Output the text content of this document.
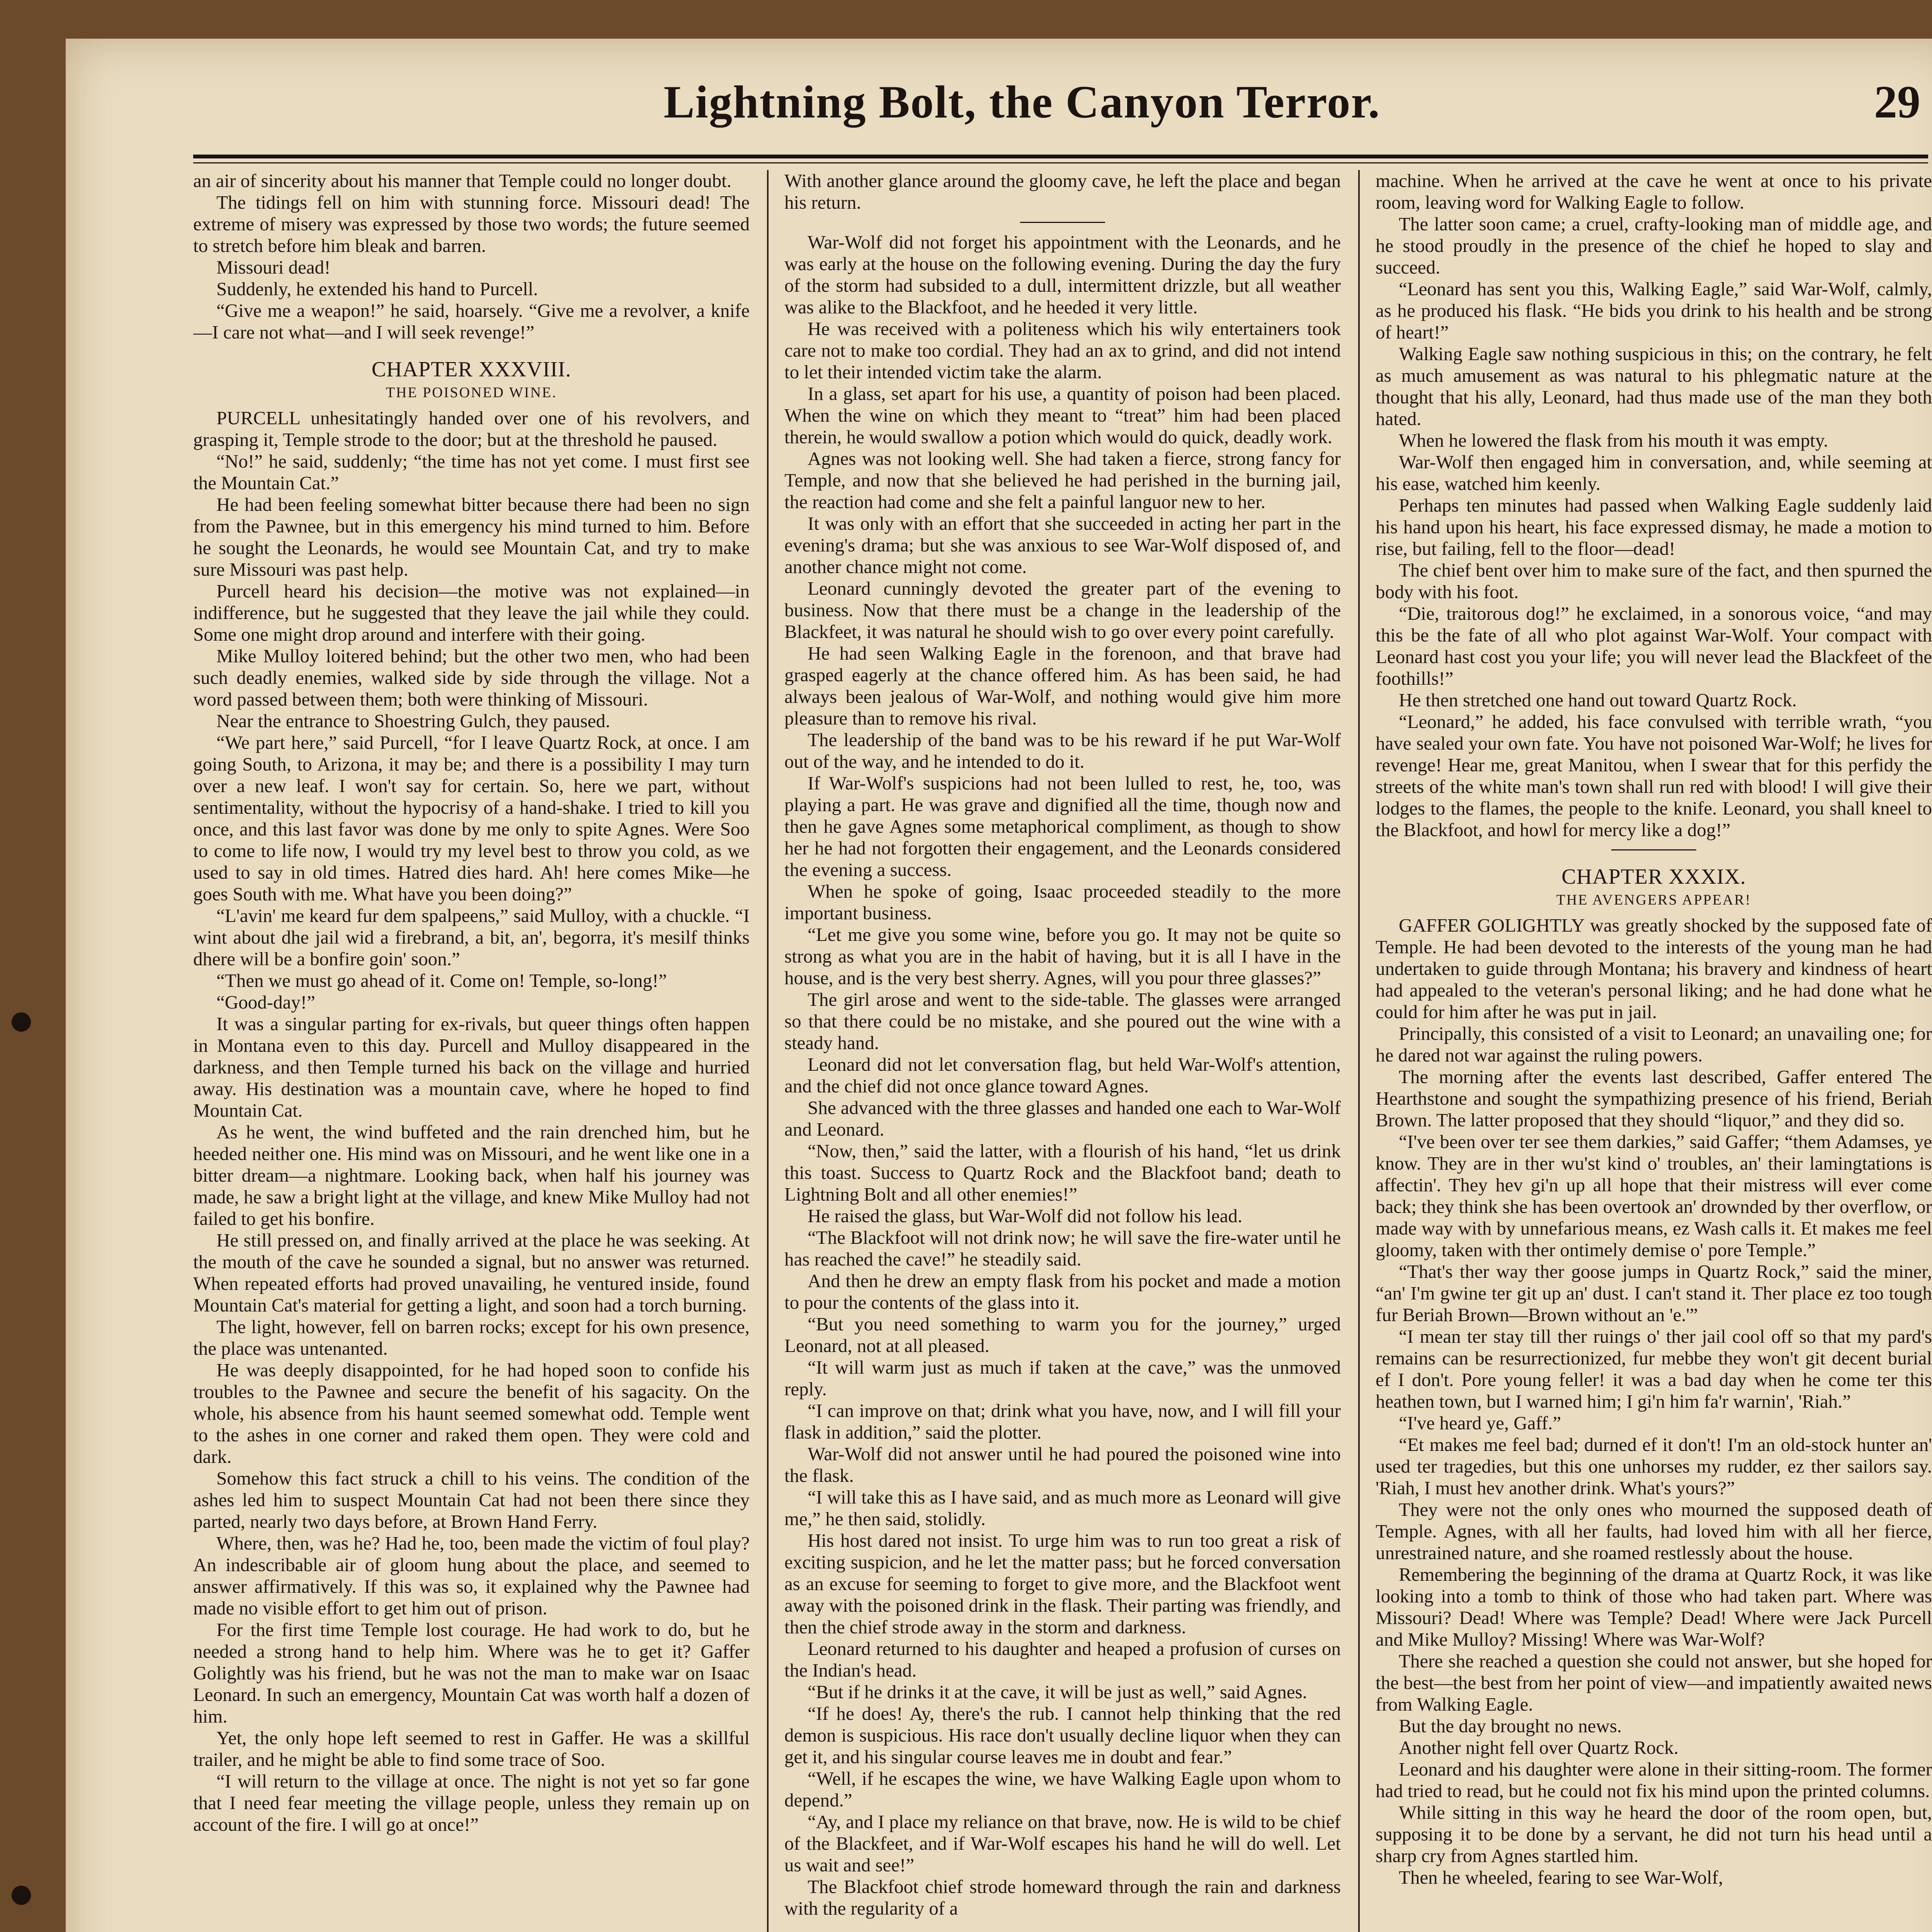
Lightning Bolt, the Canyon Terror.	29

an air of sincerity about his manner that Temple could no longer doubt.

The tidings fell on him with stunning force. Missouri dead! The extreme of misery was expressed by those two words; the future seemed to stretch before him bleak and barren.

Missouri dead!

Suddenly, he extended his hand to Purcell.

“Give me a weapon!” he said, hoarsely. “Give me a revolver, a knife—I care not what—and I will seek revenge!”

CHAPTER XXXVIII.
THE POISONED WINE.

PURCELL unhesitatingly handed over one of his revolvers, and grasping it, Temple strode to the door; but at the threshold he paused.

“No!” he said, suddenly; “the time has not yet come. I must first see the Mountain Cat.”

He had been feeling somewhat bitter because there had been no sign from the Pawnee, but in this emergency his mind turned to him. Before he sought the Leonards, he would see Mountain Cat, and try to make sure Missouri was past help.

Purcell heard his decision—the motive was not explained—in indifference, but he suggested that they leave the jail while they could. Some one might drop around and interfere with their going.

Mike Mulloy loitered behind; but the other two men, who had been such deadly enemies, walked side by side through the village. Not a word passed between them; both were thinking of Missouri.

Near the entrance to Shoestring Gulch, they paused.

“We part here,” said Purcell, “for I leave Quartz Rock, at once. I am going South, to Arizona, it may be; and there is a possibility I may turn over a new leaf. I won't say for certain. So, here we part, without sentimentality, without the hypocrisy of a hand-shake. I tried to kill you once, and this last favor was done by me only to spite Agnes. Were Soo to come to life now, I would try my level best to throw you cold, as we used to say in old times. Hatred dies hard. Ah! here comes Mike—he goes South with me. What have you been doing?”

“L'avin' me keard fur dem spalpeens,” said Mulloy, with a chuckle. “I wint about dhe jail wid a firebrand, a bit, an', begorra, it's mesilf thinks dhere will be a bonfire goin' soon.”

“Then we must go ahead of it. Come on! Temple, so-long!”

“Good-day!”

It was a singular parting for ex-rivals, but queer things often happen in Montana even to this day. Purcell and Mulloy disappeared in the darkness, and then Temple turned his back on the village and hurried away. His destination was a mountain cave, where he hoped to find Mountain Cat.

As he went, the wind buffeted and the rain drenched him, but he heeded neither one. His mind was on Missouri, and he went like one in a bitter dream—a nightmare. Looking back, when half his journey was made, he saw a bright light at the village, and knew Mike Mulloy had not failed to get his bonfire.

He still pressed on, and finally arrived at the place he was seeking. At the mouth of the cave he sounded a signal, but no answer was returned. When repeated efforts had proved unavailing, he ventured inside, found Mountain Cat's material for getting a light, and soon had a torch burning.

The light, however, fell on barren rocks; except for his own presence, the place was untenanted.

He was deeply disappointed, for he had hoped soon to confide his troubles to the Pawnee and secure the benefit of his sagacity. On the whole, his absence from his haunt seemed somewhat odd. Temple went to the ashes in one corner and raked them open. They were cold and dark.

Somehow this fact struck a chill to his veins. The condition of the ashes led him to suspect Mountain Cat had not been there since they parted, nearly two days before, at Brown Hand Ferry.

Where, then, was he? Had he, too, been made the victim of foul play? An indescribable air of gloom hung about the place, and seemed to answer affirmatively. If this was so, it explained why the Pawnee had made no visible effort to get him out of prison.

For the first time Temple lost courage. He had work to do, but he needed a strong hand to help him. Where was he to get it? Gaffer Golightly was his friend, but he was not the man to make war on Isaac Leonard. In such an emergency, Mountain Cat was worth half a dozen of him.

Yet, the only hope left seemed to rest in Gaffer. He was a skillful trailer, and he might be able to find some trace of Soo.

“I will return to the village at once. The night is not yet so far gone that I need fear meeting the village people, unless they remain up on account of the fire. I will go at once!”

With another glance around the gloomy cave, he left the place and began his return.

War-Wolf did not forget his appointment with the Leonards, and he was early at the house on the following evening. During the day the fury of the storm had subsided to a dull, intermittent drizzle, but all weather was alike to the Blackfoot, and he heeded it very little.

He was received with a politeness which his wily entertainers took care not to make too cordial. They had an ax to grind, and did not intend to let their intended victim take the alarm.

In a glass, set apart for his use, a quantity of poison had been placed. When the wine on which they meant to “treat” him had been placed therein, he would swallow a potion which would do quick, deadly work.

Agnes was not looking well. She had taken a fierce, strong fancy for Temple, and now that she believed he had perished in the burning jail, the reaction had come and she felt a painful languor new to her.

It was only with an effort that she succeeded in acting her part in the evening's drama; but she was anxious to see War-Wolf disposed of, and another chance might not come.

Leonard cunningly devoted the greater part of the evening to business. Now that there must be a change in the leadership of the Blackfeet, it was natural he should wish to go over every point carefully.

He had seen Walking Eagle in the forenoon, and that brave had grasped eagerly at the chance offered him. As has been said, he had always been jealous of War-Wolf, and nothing would give him more pleasure than to remove his rival.

The leadership of the band was to be his reward if he put War-Wolf out of the way, and he intended to do it.

If War-Wolf's suspicions had not been lulled to rest, he, too, was playing a part. He was grave and dignified all the time, though now and then he gave Agnes some metaphorical compliment, as though to show her he had not forgotten their engagement, and the Leonards considered the evening a success.

When he spoke of going, Isaac proceeded steadily to the more important business.

“Let me give you some wine, before you go. It may not be quite so strong as what you are in the habit of having, but it is all I have in the house, and is the very best sherry. Agnes, will you pour three glasses?”

The girl arose and went to the side-table. The glasses were arranged so that there could be no mistake, and she poured out the wine with a steady hand.

Leonard did not let conversation flag, but held War-Wolf's attention, and the chief did not once glance toward Agnes.

She advanced with the three glasses and handed one each to War-Wolf and Leonard.

“Now, then,” said the latter, with a flourish of his hand, “let us drink this toast. Success to Quartz Rock and the Blackfoot band; death to Lightning Bolt and all other enemies!”

He raised the glass, but War-Wolf did not follow his lead.

“The Blackfoot will not drink now; he will save the fire-water until he has reached the cave!” he steadily said.

And then he drew an empty flask from his pocket and made a motion to pour the contents of the glass into it.

“But you need something to warm you for the journey,” urged Leonard, not at all pleased.

“It will warm just as much if taken at the cave,” was the unmoved reply.

“I can improve on that; drink what you have, now, and I will fill your flask in addition,” said the plotter.

War-Wolf did not answer until he had poured the poisoned wine into the flask.

“I will take this as I have said, and as much more as Leonard will give me,” he then said, stolidly.

His host dared not insist. To urge him was to run too great a risk of exciting suspicion, and he let the matter pass; but he forced conversation as an excuse for seeming to forget to give more, and the Blackfoot went away with the poisoned drink in the flask. Their parting was friendly, and then the chief strode away in the storm and darkness.

Leonard returned to his daughter and heaped a profusion of curses on the Indian's head.

“But if he drinks it at the cave, it will be just as well,” said Agnes.

“If he does! Ay, there's the rub. I cannot help thinking that the red demon is suspicious. His race don't usually decline liquor when they can get it, and his singular course leaves me in doubt and fear.”

“Well, if he escapes the wine, we have Walking Eagle upon whom to depend.”

“Ay, and I place my reliance on that brave, now. He is wild to be chief of the Blackfeet, and if War-Wolf escapes his hand he will do well. Let us wait and see!”

The Blackfoot chief strode homeward through the rain and darkness with the regularity of a

machine. When he arrived at the cave he went at once to his private room, leaving word for Walking Eagle to follow.

The latter soon came; a cruel, crafty-looking man of middle age, and he stood proudly in the presence of the chief he hoped to slay and succeed.

“Leonard has sent you this, Walking Eagle,” said War-Wolf, calmly, as he produced his flask. “He bids you drink to his health and be strong of heart!”

Walking Eagle saw nothing suspicious in this; on the contrary, he felt as much amusement as was natural to his phlegmatic nature at the thought that his ally, Leonard, had thus made use of the man they both hated.

When he lowered the flask from his mouth it was empty.

War-Wolf then engaged him in conversation, and, while seeming at his ease, watched him keenly.

Perhaps ten minutes had passed when Walking Eagle suddenly laid his hand upon his heart, his face expressed dismay, he made a motion to rise, but failing, fell to the floor—dead!

The chief bent over him to make sure of the fact, and then spurned the body with his foot.

“Die, traitorous dog!” he exclaimed, in a sonorous voice, “and may this be the fate of all who plot against War-Wolf. Your compact with Leonard hast cost you your life; you will never lead the Blackfeet of the foothills!”

He then stretched one hand out toward Quartz Rock.

“Leonard,” he added, his face convulsed with terrible wrath, “you have sealed your own fate. You have not poisoned War-Wolf; he lives for revenge! Hear me, great Manitou, when I swear that for this perfidy the streets of the white man's town shall run red with blood! I will give their lodges to the flames, the people to the knife. Leonard, you shall kneel to the Blackfoot, and howl for mercy like a dog!”

CHAPTER XXXIX.
THE AVENGERS APPEAR!

GAFFER GOLIGHTLY was greatly shocked by the supposed fate of Temple. He had been devoted to the interests of the young man he had undertaken to guide through Montana; his bravery and kindness of heart had appealed to the veteran's personal liking; and he had done what he could for him after he was put in jail.

Principally, this consisted of a visit to Leonard; an unavailing one; for he dared not war against the ruling powers.

The morning after the events last described, Gaffer entered The Hearthstone and sought the sympathizing presence of his friend, Beriah Brown. The latter proposed that they should “liquor,” and they did so.

“I've been over ter see them darkies,” said Gaffer; “them Adamses, ye know. They are in ther wu'st kind o' troubles, an' their lamingtations is affectin'. They hev gi'n up all hope that their mistress will ever come back; they think she has been overtook an' drownded by ther overflow, or made way with by unnefarious means, ez Wash calls it. Et makes me feel gloomy, taken with ther ontimely demise o' pore Temple.”

“That's ther way ther goose jumps in Quartz Rock,” said the miner, “an' I'm gwine ter git up an' dust. I can't stand it. Ther place ez too tough fur Beriah Brown—Brown without an 'e.'”

“I mean ter stay till ther ruings o' ther jail cool off so that my pard's remains can be resurrectionized, fur mebbe they won't git decent burial ef I don't. Pore young feller! it was a bad day when he come ter this heathen town, but I warned him; I gi'n him fa'r warnin', 'Riah.”

“I've heard ye, Gaff.”

“Et makes me feel bad; durned ef it don't! I'm an old-stock hunter an' used ter tragedies, but this one unhorses my rudder, ez ther sailors say. 'Riah, I must hev another drink. What's yours?”

They were not the only ones who mourned the supposed death of Temple. Agnes, with all her faults, had loved him with all her fierce, unrestrained nature, and she roamed restlessly about the house.

Remembering the beginning of the drama at Quartz Rock, it was like looking into a tomb to think of those who had taken part. Where was Missouri? Dead! Where was Temple? Dead! Where were Jack Purcell and Mike Mulloy? Missing! Where was War-Wolf?

There she reached a question she could not answer, but she hoped for the best—the best from her point of view—and impatiently awaited news from Walking Eagle.

But the day brought no news.

Another night fell over Quartz Rock.

Leonard and his daughter were alone in their sitting-room. The former had tried to read, but he could not fix his mind upon the printed columns.

While sitting in this way he heard the door of the room open, but, supposing it to be done by a servant, he did not turn his head until a sharp cry from Agnes startled him.

Then he wheeled, fearing to see War-Wolf,
